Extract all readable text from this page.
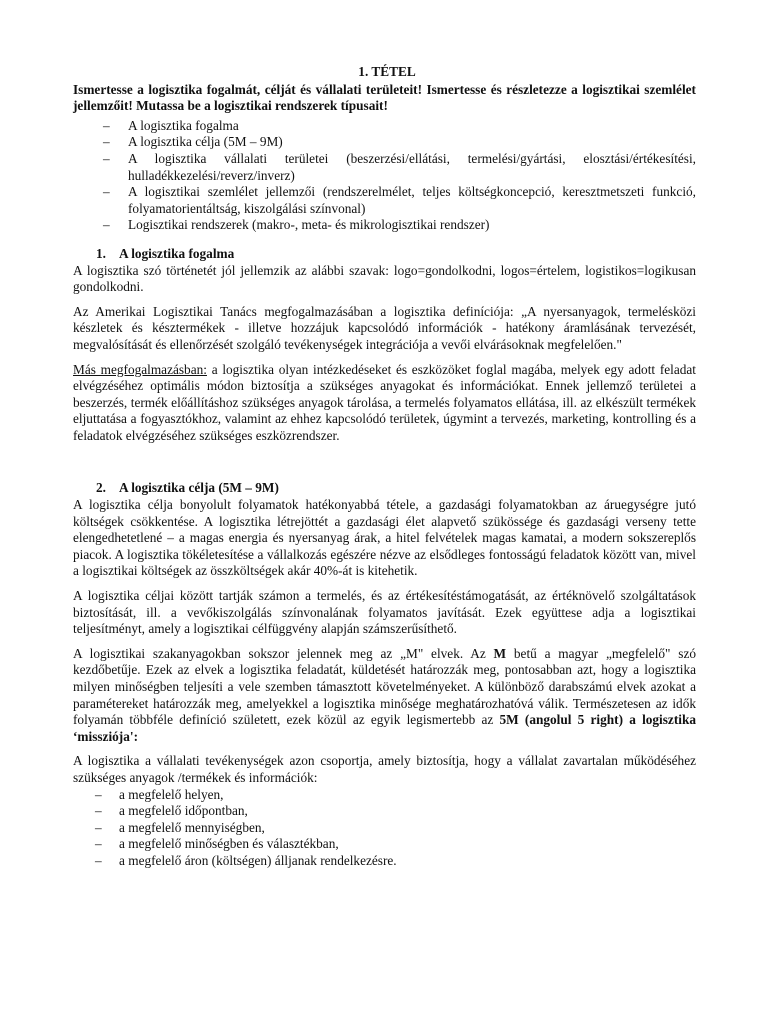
1. TÉTEL

Ismertesse a logisztika fogalmát, célját és vállalati területeit! Ismertesse és részletezze a logisztikai szemlélet jellemzőit! Mutassa be a logisztikai rendszerek típusait!

– A logisztika fogalma
– A logisztika célja (5M – 9M)
– A logisztika vállalati területei (beszerzési/ellátási, termelési/gyártási, elosztási/értékesítési, hulladékkezelési/reverz/inverz)
– A logisztikai szemlélet jellemzői (rendszerelmélet, teljes költségkoncepció, keresztmetszeti funkció, folyamatorientáltság, kiszolgálási színvonal)
– Logisztikai rendszerek (makro-, meta- és mikrologisztikai rendszer)
1. A logisztika fogalma

A logisztika szó történetét jól jellemzik az alábbi szavak: logo=gondolkodni, logos=értelem, logistikos=logikusan gondolkodni.

Az Amerikai Logisztikai Tanács megfogalmazásában a logisztika definíciója: „A nyersanyagok, termelésközi készletek és késztermékek - illetve hozzájuk kapcsolódó információk - hatékony áramlásának tervezését, megvalósítását és ellenőrzését szolgáló tevékenységek integrációja a vevői elvárásoknak megfelelően."

Más megfogalmazásban: a logisztika olyan intézkedéseket és eszközöket foglal magába, melyek egy adott feladat elvégzéséhez optimális módon biztosítja a szükséges anyagokat és információkat. Ennek jellemző területei a beszerzés, termék előállításhoz szükséges anyagok tárolása, a termelés folyamatos ellátása, ill. az elkészült termékek eljuttatása a fogyasztókhoz, valamint az ehhez kapcsolódó területek, úgymint a tervezés, marketing, kontrolling és a feladatok elvégzéséhez szükséges eszközrendszer.

2. A logisztika célja (5M – 9M)

A logisztika célja bonyolult folyamatok hatékonyabbá tétele, a gazdasági folyamatokban az áruegységre jutó költségek csökkentése. A logisztika létrejöttét a gazdasági élet alapvető szükössége és gazdasági verseny tette elengedhetetlené – a magas energia és nyersanyag árak, a hitel felvételek magas kamatai, a modern sokszereplős piacok. A logisztika tökéletesítése a vállalkozás egészére nézve az elsődleges fontosságú feladatok között van, mivel a logisztikai költségek az összköltségek akár 40%-át is kitehetik.

A logisztika céljai között tartják számon a termelés, és az értékesítéstámogatását, az értéknövelő szolgáltatások biztosítását, ill. a vevőkiszolgálás színvonalának folyamatos javítását. Ezek együttese adja a logisztikai teljesítményt, amely a logisztikai célfüggvény alapján számszerűsíthető.

A logisztikai szakanyagokban sokszor jelennek meg az „M" elvek. Az M betű a magyar „megfelelő" szó kezdőbetűje. Ezek az elvek a logisztika feladatát, küldetését határozzák meg, pontosabban azt, hogy a logisztika milyen minőségben teljesíti a vele szemben támasztott követelményeket. A különböző darabszámú elvek azokat a paramétereket határozzák meg, amelyekkel a logisztika minősége meghatározhatóvá válik. Természetesen az idők folyamán többféle definíció született, ezek közül az egyik legismertebb az 5M (angolul 5 right) a logisztika ‘missziója':

A logisztika a vállalati tevékenységek azon csoportja, amely biztosítja, hogy a vállalat zavartalan működéséhez szükséges anyagok /termékek és információk:

– a megfelelő helyen,
– a megfelelő időpontban,
– a megfelelő mennyiségben,
– a megfelelő minőségben és választékban,
– a megfelelő áron (költségen) álljanak rendelkezésre.
